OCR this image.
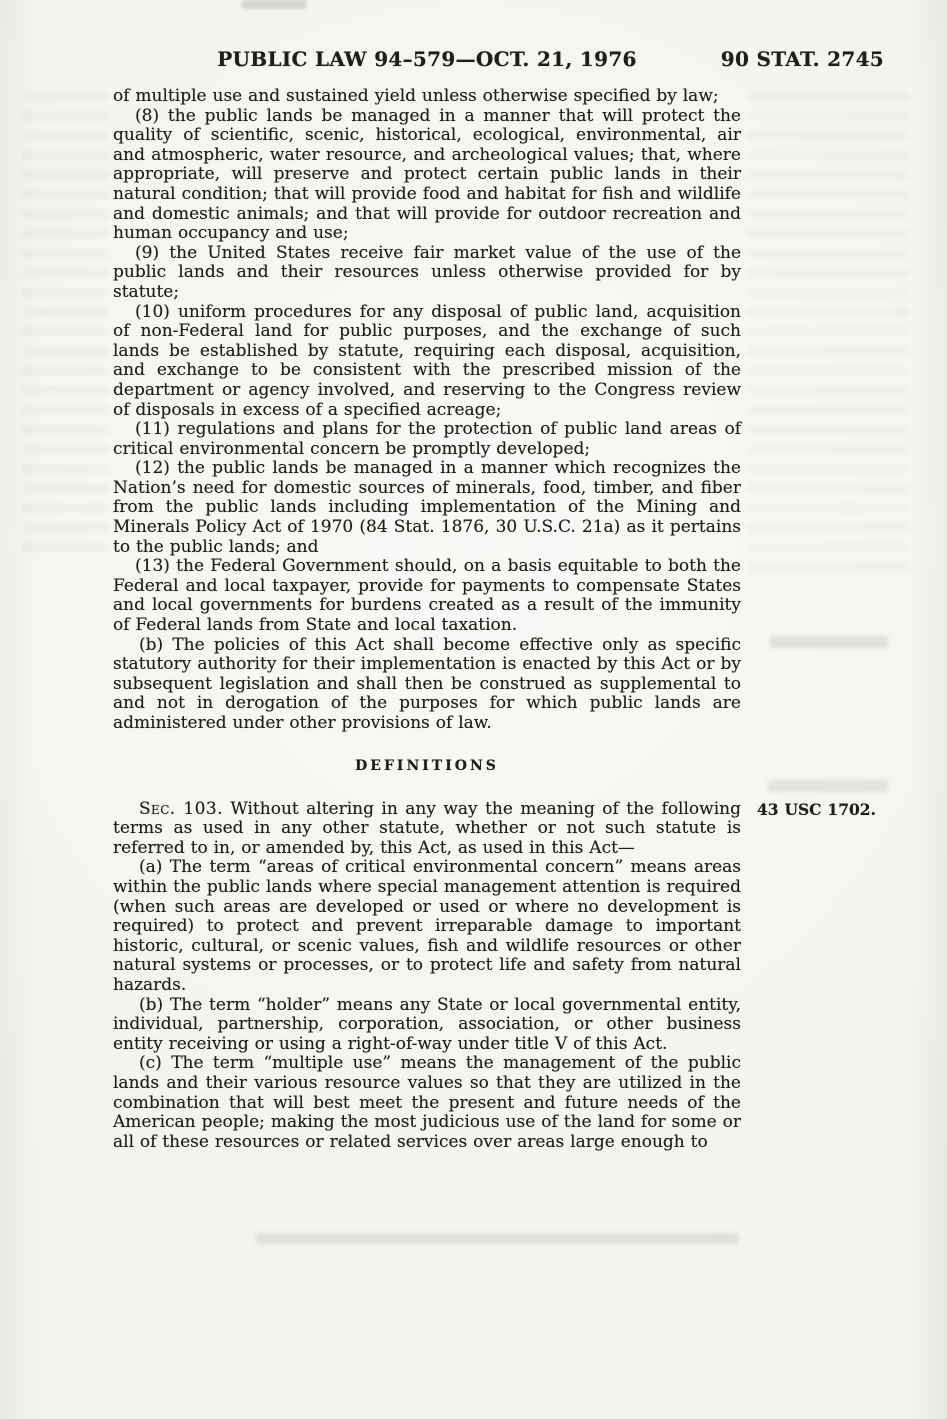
PUBLIC LAW 94–579—OCT. 21, 1976	90 STAT. 2745

of multiple use and sustained yield unless otherwise specified by law;

(8) the public lands be managed in a manner that will protect the quality of scientific, scenic, historical, ecological, environmental, air and atmospheric, water resource, and archeological values; that, where appropriate, will preserve and protect certain public lands in their natural condition; that will provide food and habitat for fish and wildlife and domestic animals; and that will provide for outdoor recreation and human occupancy and use;

(9) the United States receive fair market value of the use of the public lands and their resources unless otherwise provided for by statute;

(10) uniform procedures for any disposal of public land, acquisition of non-Federal land for public purposes, and the exchange of such lands be established by statute, requiring each disposal, acquisition, and exchange to be consistent with the prescribed mission of the department or agency involved, and reserving to the Congress review of disposals in excess of a specified acreage;

(11) regulations and plans for the protection of public land areas of critical environmental concern be promptly developed;

(12) the public lands be managed in a manner which recognizes the Nation’s need for domestic sources of minerals, food, timber, and fiber from the public lands including implementation of the Mining and Minerals Policy Act of 1970 (84 Stat. 1876, 30 U.S.C. 21a) as it pertains to the public lands; and

(13) the Federal Government should, on a basis equitable to both the Federal and local taxpayer, provide for payments to compensate States and local governments for burdens created as a result of the immunity of Federal lands from State and local taxation.

(b) The policies of this Act shall become effective only as specific statutory authority for their implementation is enacted by this Act or by subsequent legislation and shall then be construed as supplemental to and not in derogation of the purposes for which public lands are administered under other provisions of law.

DEFINITIONS

Sec. 103. Without altering in any way the meaning of the following terms as used in any other statute, whether or not such statute is referred to in, or amended by, this Act, as used in this Act—

43 USC 1702.

(a) The term “areas of critical environmental concern” means areas within the public lands where special management attention is required (when such areas are developed or used or where no development is required) to protect and prevent irreparable damage to important historic, cultural, or scenic values, fish and wildlife resources or other natural systems or processes, or to protect life and safety from natural hazards.

(b) The term “holder” means any State or local governmental entity, individual, partnership, corporation, association, or other business entity receiving or using a right-of-way under title V of this Act.

(c) The term “multiple use” means the management of the public lands and their various resource values so that they are utilized in the combination that will best meet the present and future needs of the American people; making the most judicious use of the land for some or all of these resources or related services over areas large enough to
